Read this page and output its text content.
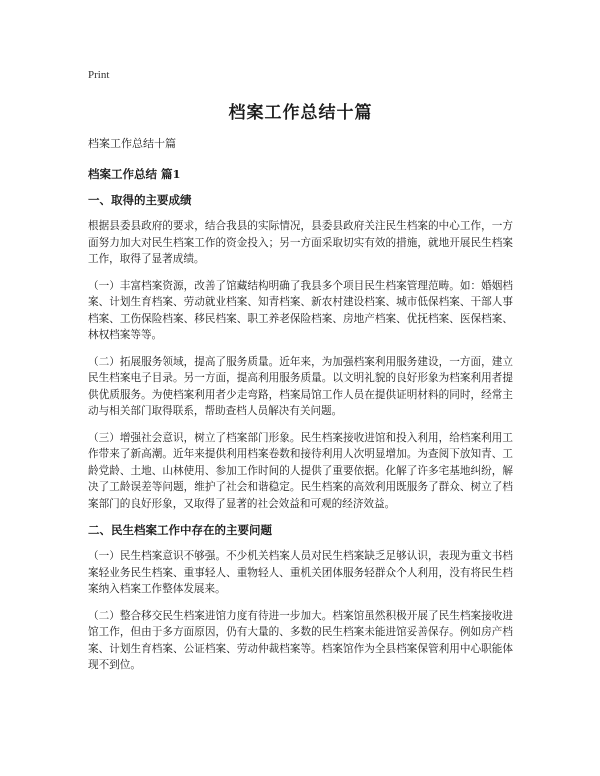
Print
档案工作总结十篇
档案工作总结十篇
档案工作总结 篇1
一、取得的主要成绩

根据县委县政府的要求，结合我县的实际情况，县委县政府关注民生档案的中心工作，一方面努力加大对民生档案工作的资金投入；另一方面采取切实有效的措施，就地开展民生档案工作，取得了显著成绩。

（一）丰富档案资源，改善了馆藏结构明确了我县多个项目民生档案管理范畴。如：婚姻档案、计划生育档案、劳动就业档案、知青档案、新农村建设档案、城市低保档案、干部人事档案、工伤保险档案、移民档案、职工养老保险档案、房地产档案、优抚档案、医保档案、林权档案等等。

（二）拓展服务领域，提高了服务质量。近年来，为加强档案利用服务建设，一方面，建立民生档案电子目录。另一方面，提高利用服务质量。以文明礼貌的良好形象为档案利用者提供优质服务。为使档案利用者少走弯路，档案局馆工作人员在提供证明材料的同时，经常主动与相关部门取得联系，帮助查档人员解决有关问题。

（三）增强社会意识，树立了档案部门形象。民生档案接收进馆和投入利用，给档案利用工作带来了新高潮。近年来提供利用档案卷数和接待利用人次明显增加。为查阅下放知青、工龄党龄、土地、山林使用、参加工作时间的人提供了重要依据。化解了许多宅基地纠纷，解决了工龄误差等问题，维护了社会和谐稳定。民生档案的高效利用既服务了群众、树立了档案部门的良好形象，又取得了显著的社会效益和可观的经济效益。

二、民生档案工作中存在的主要问题

（一）民生档案意识不够强。不少机关档案人员对民生档案缺乏足够认识，表现为重文书档案轻业务民生档案、重事轻人、重物轻人、重机关团体服务轻群众个人利用，没有将民生档案纳入档案工作整体发展来。

（二）整合移交民生档案进馆力度有待进一步加大。档案馆虽然积极开展了民生档案接收进馆工作，但由于多方面原因，仍有大量的、多数的民生档案未能进馆妥善保存。例如房产档案、计划生育档案、公证档案、劳动仲裁档案等。档案馆作为全县档案保管利用中心职能体现不到位。
